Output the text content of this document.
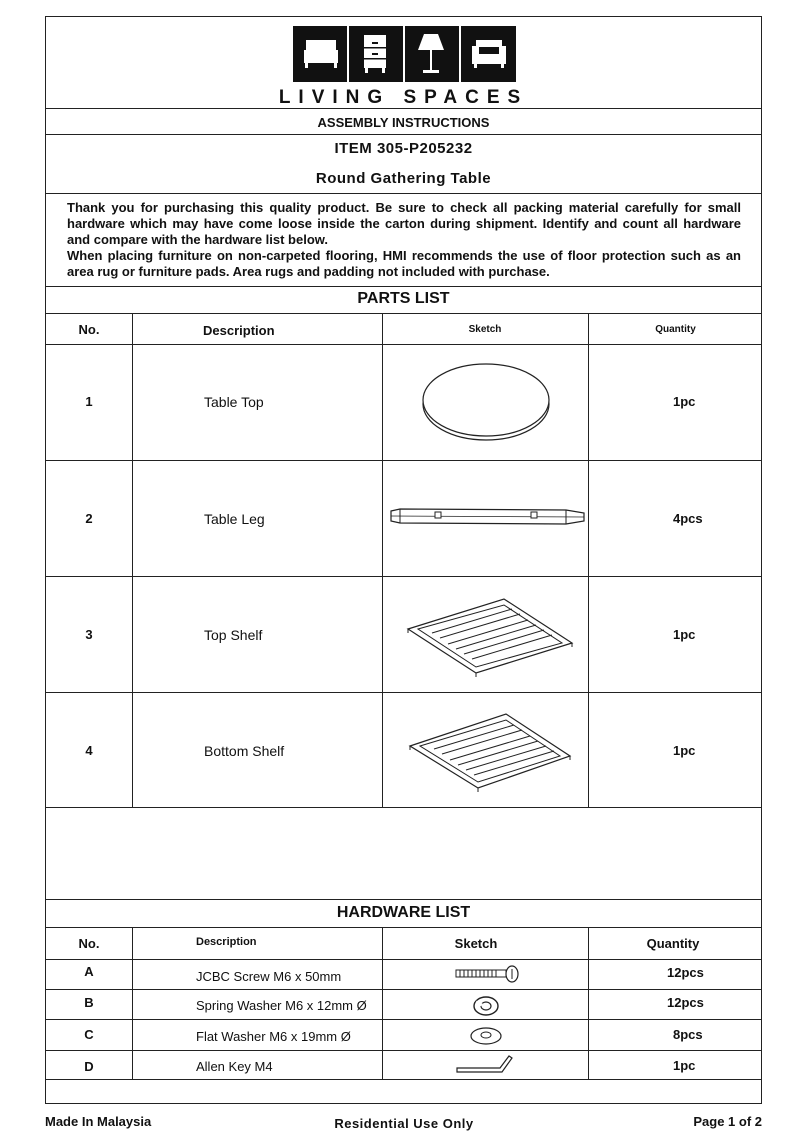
LIVING SPACES
ASSEMBLY INSTRUCTIONS
ITEM 305-P205232
Round Gathering Table

Thank you for purchasing this quality product. Be sure to check all packing material carefully for small hardware which may have come loose inside the carton during shipment. Identify and count all hardware and compare with the hardware list below.

When placing furniture on non-carpeted flooring, HMI recommends the use of floor protection such as an area rug or furniture pads. Area rugs and padding not included with purchase.

PARTS LIST
No.	Description	Sketch	Quantity
1	Table Top	1pc
2	Table Leg	4pcs
3	Top Shelf	1pc
4	Bottom Shelf	1pc
HARDWARE LIST
No.	Description	Sketch	Quantity
A	JCBC Screw M6 x 50mm	12pcs
B	Spring Washer M6 x 12mm Ø	12pcs
C	Flat Washer M6 x 19mm Ø	8pcs
D	Allen Key M4	1pc
Made In Malaysia	Residential Use Only	Page 1 of 2
